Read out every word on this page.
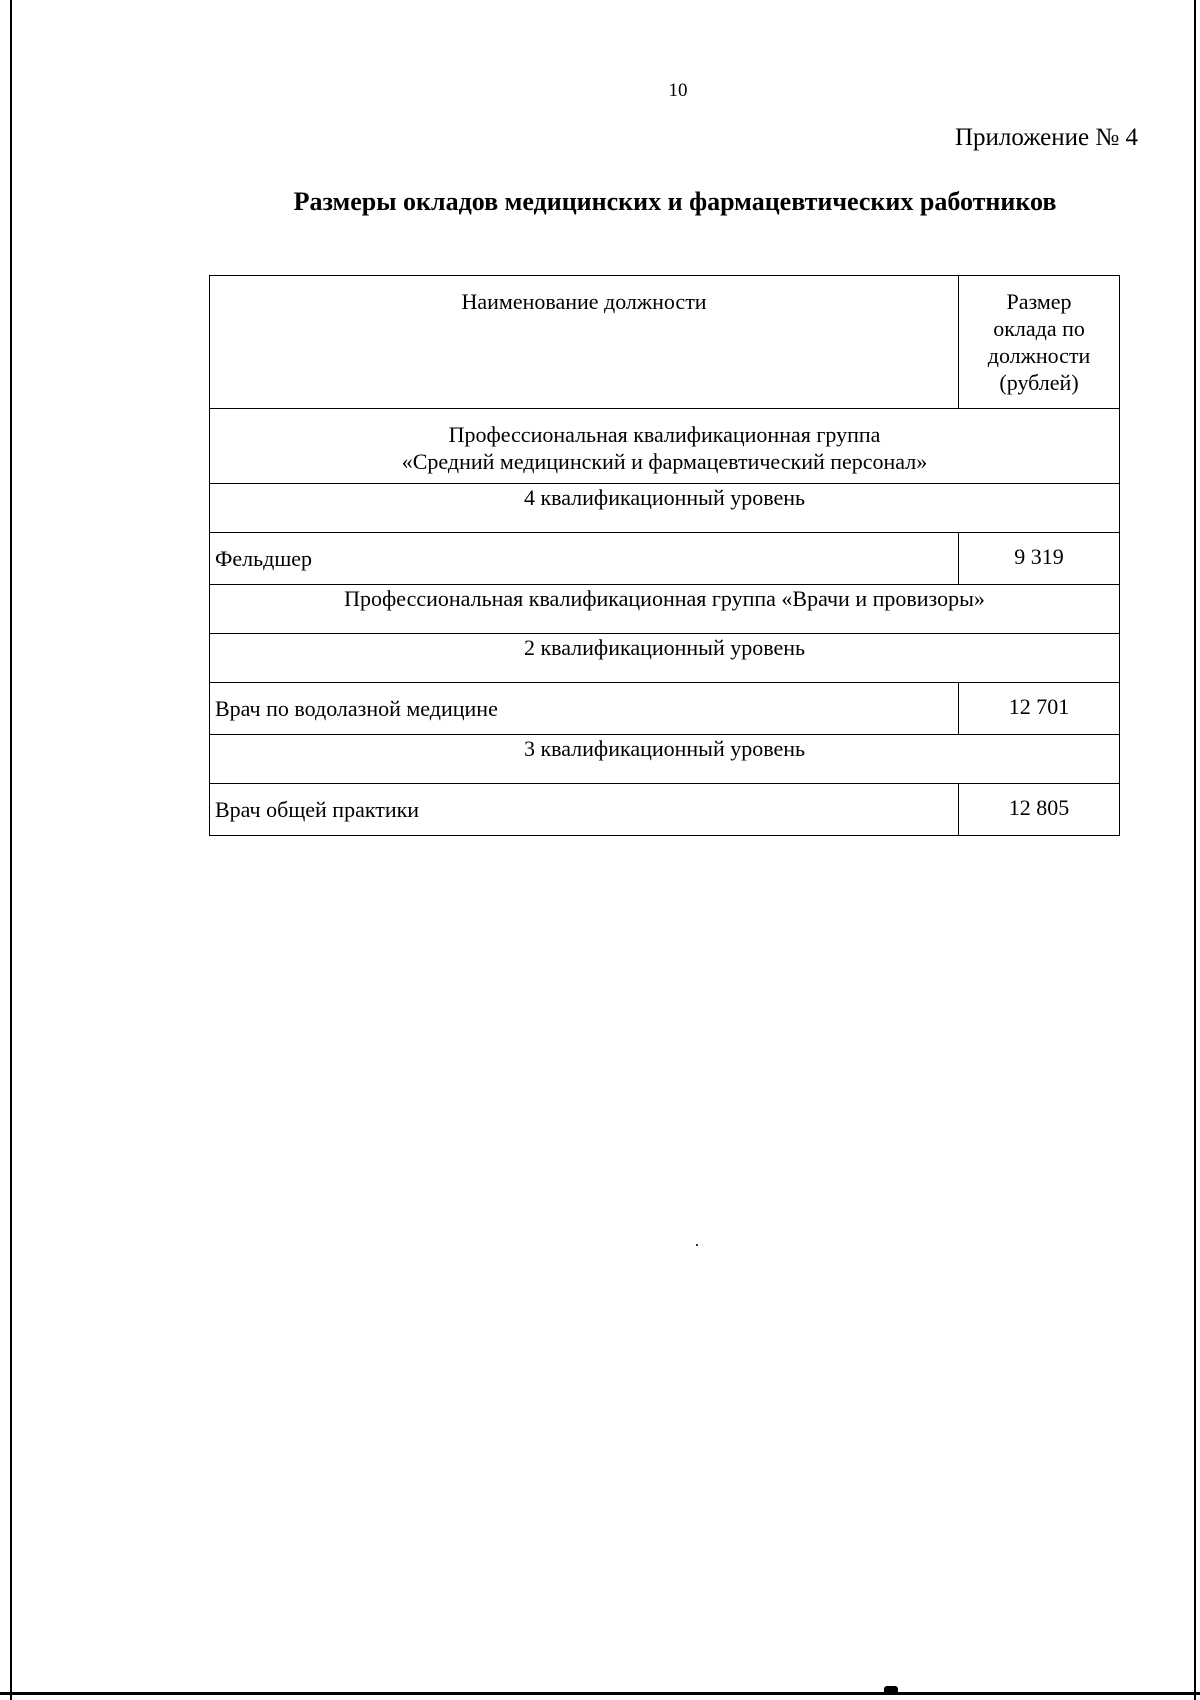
10
Приложение № 4
Размеры окладов медицинских и фармацевтических работников
Наименование должности	Размер
оклада по
должности
(рублей)

Профессиональная квалификационная группа
«Средний медицинский и фармацевтический персонал»	

4 квалификационный уровень	
Фельдшер	9 319
Профессиональная квалификационная группа «Врачи и провизоры»	
2 квалификационный уровень	
Врач по водолазной медицине	12 701
3 квалификационный уровень	
Врач общей практики	12 805
